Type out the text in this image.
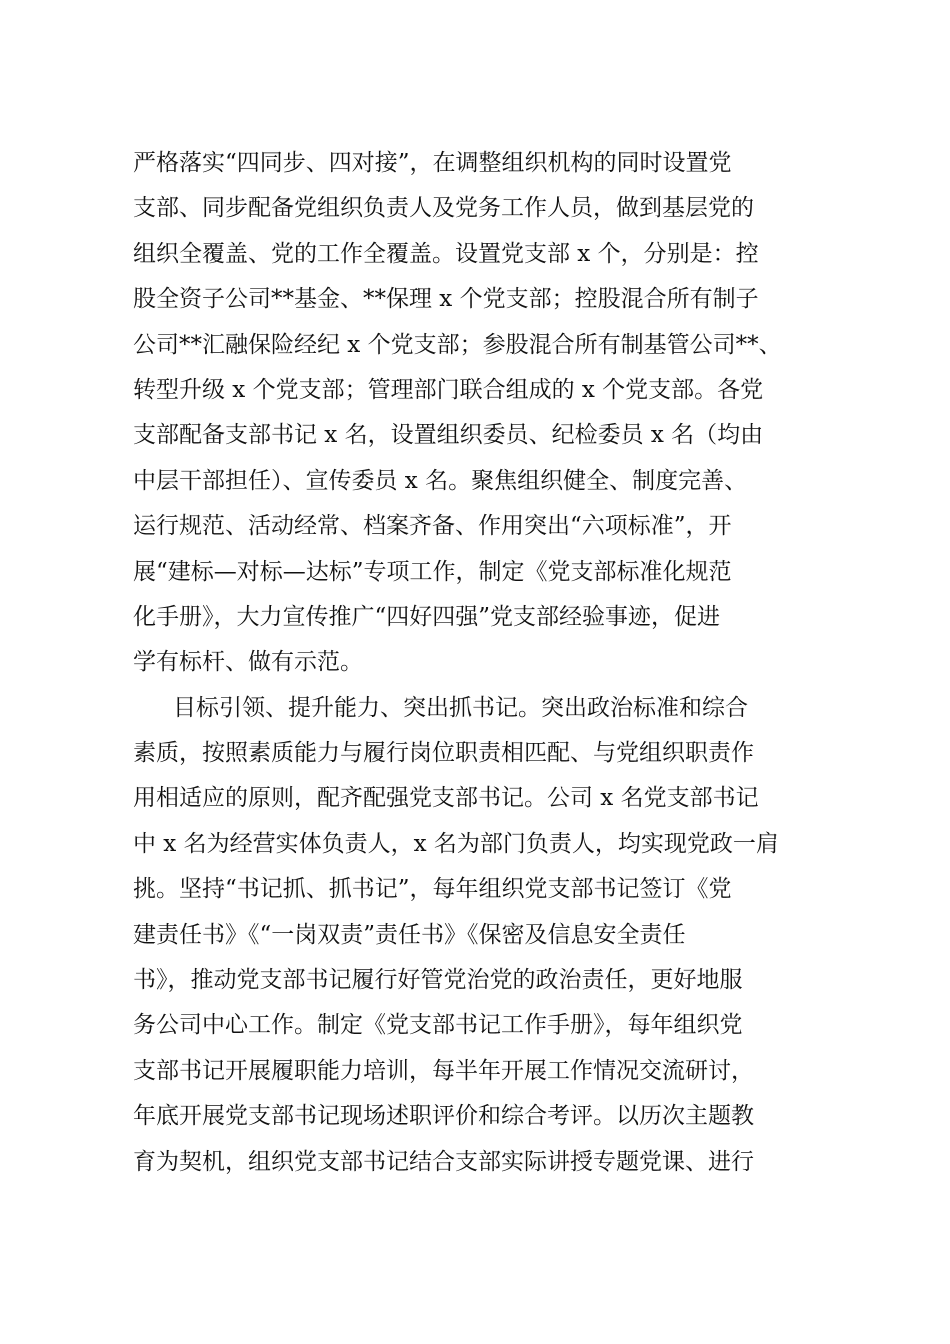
严格落实“四同步、四对接”，在调整组织机构的同时设置党
支部、同步配备党组织负责人及党务工作人员，做到基层党的
组织全覆盖、党的工作全覆盖。设置党支部 x 个，分别是：控
股全资子公司**基金、**保理 x 个党支部；控股混合所有制子
公司**汇融保险经纪 x 个党支部；参股混合所有制基管公司**、
转型升级 x 个党支部；管理部门联合组成的 x 个党支部。各党
支部配备支部书记 x 名，设置组织委员、纪检委员 x 名（均由
中层干部担任）、宣传委员 x 名。聚焦组织健全、制度完善、
运行规范、活动经常、档案齐备、作用突出“六项标准”，开
展“建标—对标—达标”专项工作，制定《党支部标准化规范
化手册》，大力宣传推广“四好四强”党支部经验事迹，促进
学有标杆、做有示范。
目标引领、提升能力、突出抓书记。突出政治标准和综合
素质，按照素质能力与履行岗位职责相匹配、与党组织职责作
用相适应的原则，配齐配强党支部书记。公司 x 名党支部书记
中 x 名为经营实体负责人，x 名为部门负责人，均实现党政一肩
挑。坚持“书记抓、抓书记”，每年组织党支部书记签订《党
建责任书》《“一岗双责”责任书》《保密及信息安全责任
书》，推动党支部书记履行好管党治党的政治责任，更好地服
务公司中心工作。制定《党支部书记工作手册》，每年组织党
支部书记开展履职能力培训，每半年开展工作情况交流研讨，
年底开展党支部书记现场述职评价和综合考评。以历次主题教
育为契机，组织党支部书记结合支部实际讲授专题党课、进行
